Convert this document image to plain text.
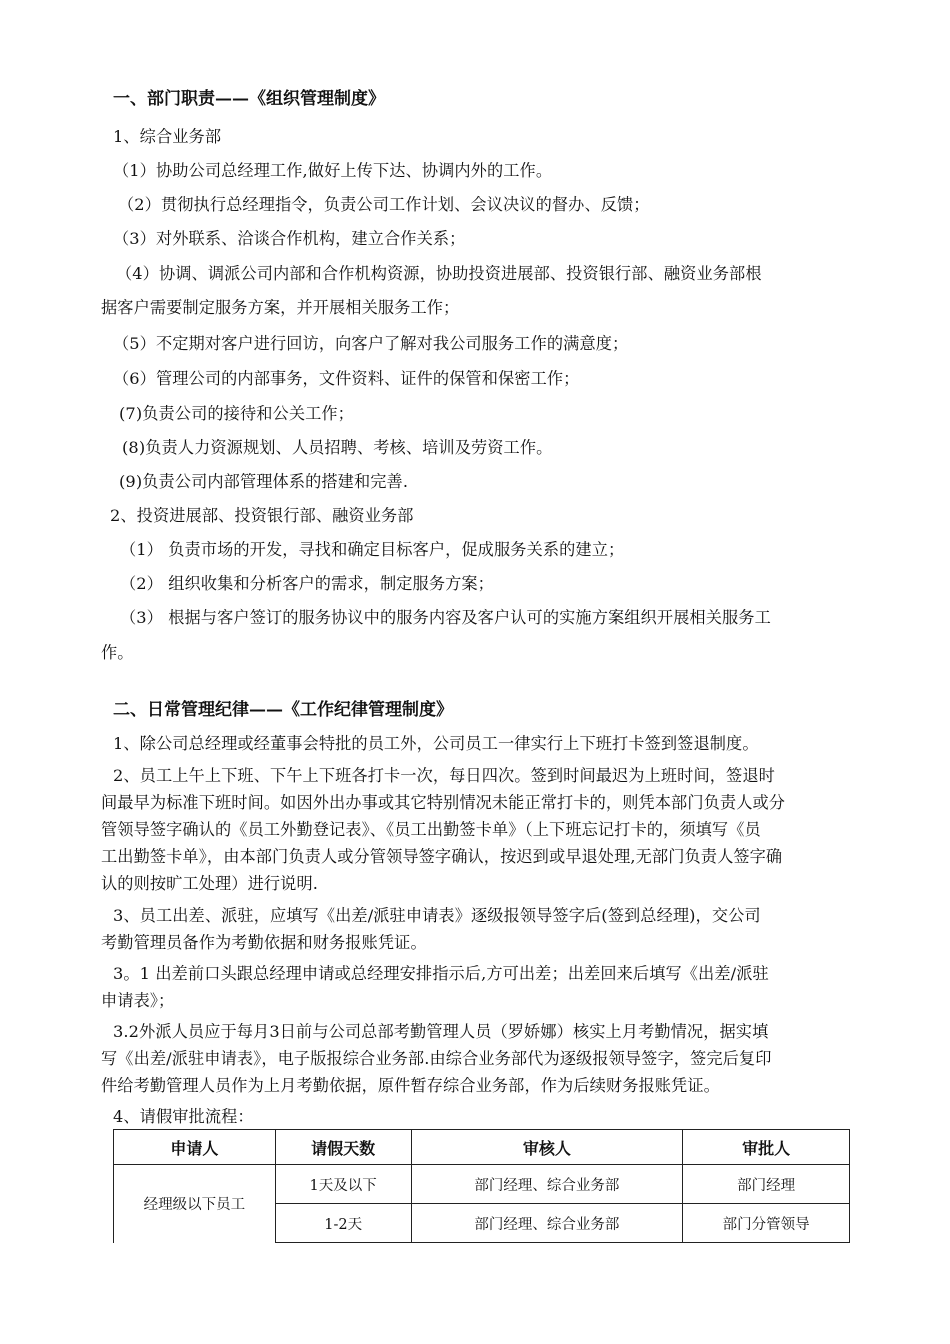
一、部门职责——《组织管理制度》
1、综合业务部
（1）协助公司总经理工作,做好上传下达、协调内外的工作。
（2）贯彻执行总经理指令，负责公司工作计划、会议决议的督办、反馈；
（3）对外联系、洽谈合作机构，建立合作关系；
（4）协调、调派公司内部和合作机构资源，协助投资进展部、投资银行部、融资业务部根
据客户需要制定服务方案，并开展相关服务工作；
（5）不定期对客户进行回访，向客户了解对我公司服务工作的满意度；
（6）管理公司的内部事务，文件资料、证件的保管和保密工作；
(7)负责公司的接待和公关工作；
(8)负责人力资源规划、人员招聘、考核、培训及劳资工作。
(9)负责公司内部管理体系的搭建和完善.
2、投资进展部、投资银行部、融资业务部
（1） 负责市场的开发，寻找和确定目标客户，促成服务关系的建立；
（2） 组织收集和分析客户的需求，制定服务方案；
（3） 根据与客户签订的服务协议中的服务内容及客户认可的实施方案组织开展相关服务工
作。
二、日常管理纪律——《工作纪律管理制度》
1、除公司总经理或经董事会特批的员工外，公司员工一律实行上下班打卡签到签退制度。
2、员工上午上下班、下午上下班各打卡一次，每日四次。签到时间最迟为上班时间，签退时
间最早为标准下班时间。如因外出办事或其它特别情况未能正常打卡的，则凭本部门负责人或分
管领导签字确认的《员工外勤登记表》、《员工出勤签卡单》（上下班忘记打卡的，须填写《员
工出勤签卡单》，由本部门负责人或分管领导签字确认，按迟到或早退处理,无部门负责人签字确
认的则按旷工处理）进行说明.
3、员工出差、派驻，应填写《出差/派驻申请表》逐级报领导签字后(签到总经理)，交公司
考勤管理员备作为考勤依据和财务报账凭证。
3。1 出差前口头跟总经理申请或总经理安排指示后,方可出差；出差回来后填写《出差/派驻
申请表》；
3.2外派人员应于每月3日前与公司总部考勤管理人员（罗娇娜）核实上月考勤情况，据实填
写《出差/派驻申请表》，电子版报综合业务部.由综合业务部代为逐级报领导签字，签完后复印
件给考勤管理人员作为上月考勤依据，原件暂存综合业务部，作为后续财务报账凭证。
4、请假审批流程：
申请人	请假天数	审核人	审批人
经理级以下员工	1天及以下	部门经理、综合业务部	部门经理
	1-2天	部门经理、综合业务部	部门分管领导
